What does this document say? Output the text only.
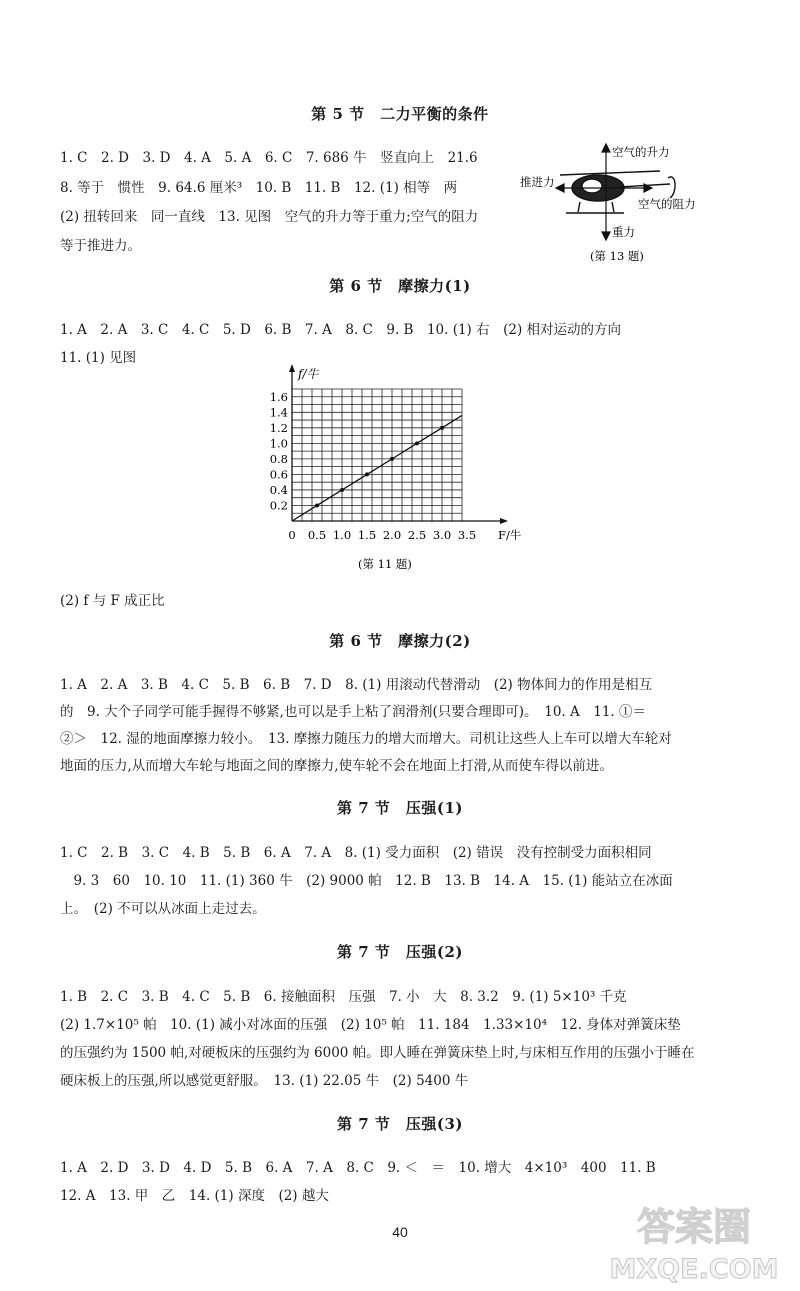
第 5 节　二力平衡的条件
1. C　2. D　3. D　4. A　5. A　6. C　7. 686 牛　竖直向上　21.6
8. 等于　惯性　9. 64.6 厘米³　10. B　11. B　12. (1) 相等　两
(2) 扭转回来　同一直线　13. 见图　空气的升力等于重力;空气的阻力
等于推进力。
空气的升力
推进力
空气的阻力
重力
(第 13 题)
第 6 节　摩擦力(1)
1. A　2. A　3. C　4. C　5. D　6. B　7. A　8. C　9. B　10. (1) 右　(2) 相对运动的方向
11. (1) 见图
0 0.5 1.0 1.5 2.0 2.5 3.0 3.5
0.2
0.4
0.6
0.8
1.0
1.2
1.4
1.6
f/牛
F/牛
(第 11 题)
(2) f 与 F 成正比
第 6 节　摩擦力(2)
1. A　2. A　3. B　4. C　5. B　6. B　7. D　8. (1) 用滚动代替滑动　(2) 物体间力的作用是相互
的　9. 大个子同学可能手握得不够紧,也可以是手上粘了润滑剂(只要合理即可)。　10. A　11. ①＝
②＞　12. 湿的地面摩擦力较小。　13. 摩擦力随压力的增大而增大。司机让这些人上车可以增大车轮对
地面的压力,从而增大车轮与地面之间的摩擦力,使车轮不会在地面上打滑,从而使车得以前进。
第 7 节　压强(1)
1. C　2. B　3. C　4. B　5. B　6. A　7. A　8. (1) 受力面积　(2) 错误　没有控制受力面积相同
　9. 3　60　10. 10　11. (1) 360 牛　(2) 9000 帕　12. B　13. B　14. A　15. (1) 能站立在冰面
上。　(2) 不可以从冰面上走过去。
第 7 节　压强(2)
1. B　2. C　3. B　4. C　5. B　6. 接触面积　压强　7. 小　大　8. 3.2　9. (1) 5×10³ 千克
(2) 1.7×10⁵ 帕　10. (1) 减小对冰面的压强　(2) 10⁵ 帕　11. 184　1.33×10⁴　12. 身体对弹簧床垫
的压强约为 1500 帕,对硬板床的压强约为 6000 帕。即人睡在弹簧床垫上时,与床相互作用的压强小于睡在
硬床板上的压强,所以感觉更舒服。　13. (1) 22.05 牛　(2) 5400 牛
第 7 节　压强(3)
1. A　2. D　3. D　4. D　5. B　6. A　7. A　8. C　9. ＜　＝　10. 增大　4×10³　400　11. B
12. A　13. 甲　乙　14. (1) 深度　(2) 越大
40	答案圈
MXQE.COM
